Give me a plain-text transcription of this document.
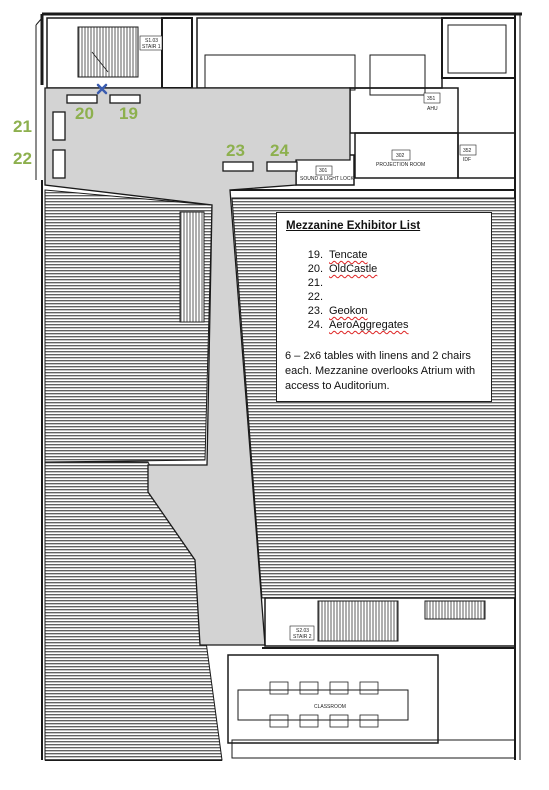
S1.03
STAIR 1
351
AHU
302
PROJECTION ROOM
352
IDF
301
SOUND & LIGHT LOCK
S2.03
STAIR 2
CLASSROOM
21
22
20 19
23 24
Mezzanine Exhibitor List
19. Tencate
20. OldCastle
21.
22.
23. Geokon
24. AeroAggregates

6 – 2x6 tables with linens and 2 chairs each. Mezzanine overlooks Atrium with access to Auditorium.
